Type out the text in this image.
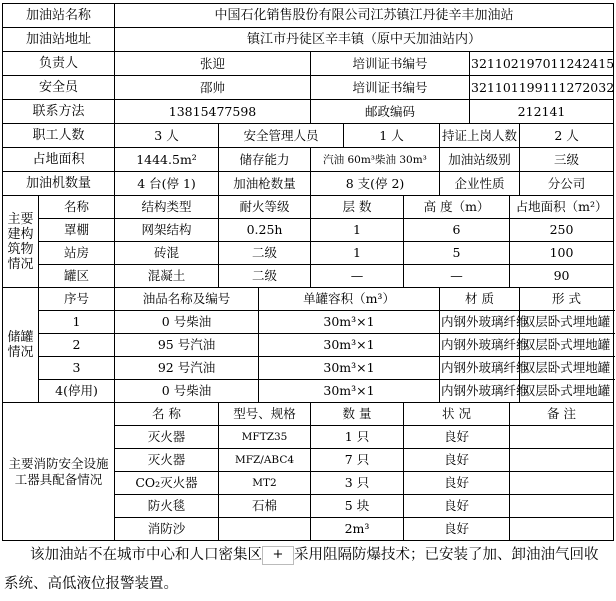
加油站名称		中国石化销售股份有限公司江苏镇江丹徒辛丰加油站									
加油站地址		镇江市丹徒区辛丰镇（原中天加油站内）									
负责人		张迎			培训证书编号				321102197011242415		
安全员		邵帅			培训证书编号				321101199111272032		
联系方法		13815477598			邮政编码				212141		
职工人数		3 人	安全管理人员			1 人		持证上岗人数			2 人
占地面积		1444.5m²	储存能力		汽油 60m³柴油 30m³			加油站级别			三级
加油机数量		4 台(停 1)	加油枪数量		8 支(停 2)			企业性质			分公司
主要建构筑物情况	名称	结构类型	耐火等级		层 数		高 度（m）			占地面积（m²）	
	罩棚	网架结构	0.25h		1		6			250	
	站房	砖混	二级		1		5			100	
	罐区	混凝土	二级		—		—			90	
储罐情况	序号	油品名称及编号		单罐容积（m³）				材 质			形 式
	1	0 号柴油		30m³×1				内钢外玻璃纤维			双层卧式埋地罐
	2	95 号汽油		30m³×1				内钢外玻璃纤维			双层卧式埋地罐
	3	92 号汽油		30m³×1				内钢外玻璃纤维			双层卧式埋地罐
	4(停用)	0 号柴油		30m³×1				内钢外玻璃纤维			双层卧式埋地罐
主要消防安全设施工器具配备情况		名 称	型号、规格		数 量		状 况			备 注	
		灭火器	MFTZ35		1 只		良好				
		灭火器	MFZ/ABC4		7 只		良好				
		CO₂灭火器	MT2		3 只		良好				
		防火毯	石棉		5 块		良好				
		消防沙			2m³		良好				
该加油站不在城市中心和人口密集区 + 采用阻隔防爆技术；已安装了加、卸油油气回收系统、高低液位报警装置。
